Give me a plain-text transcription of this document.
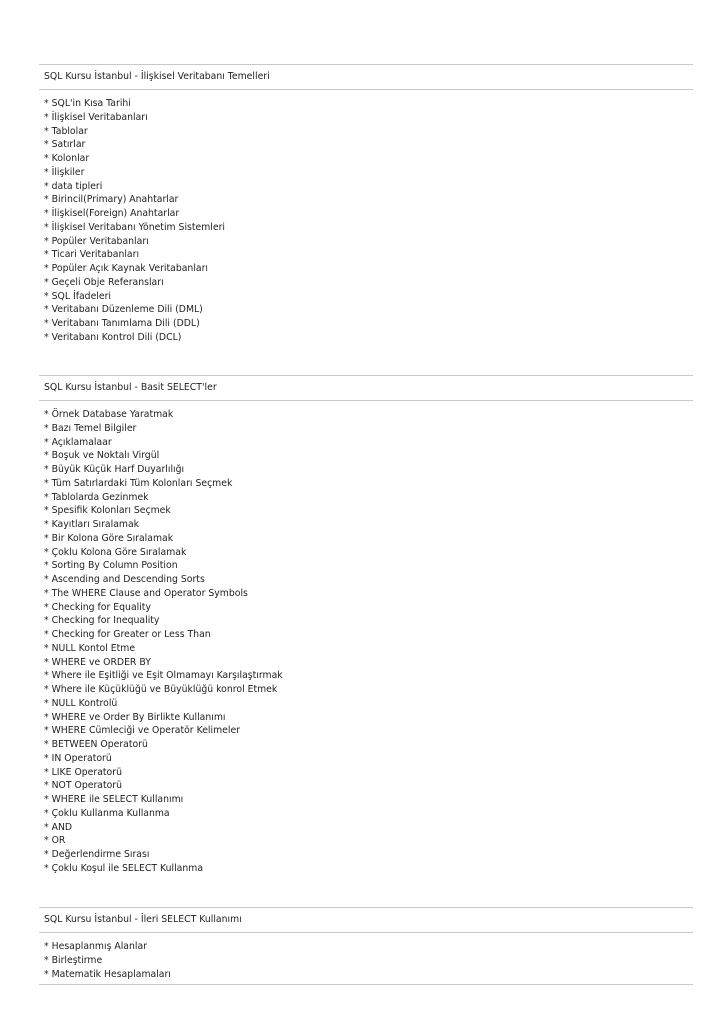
SQL Kursu İstanbul - İlişkisel Veritabanı Temelleri
* SQL'in Kısa Tarihi
* İlişkisel Veritabanları
* Tablolar
* Satırlar
* Kolonlar
* İlişkiler
* data tipleri
* Birincil(Primary) Anahtarlar
* İlişkisel(Foreign) Anahtarlar
* İlişkisel Veritabanı Yönetim Sistemleri
* Popüler Veritabanları
* Ticari Veritabanları
* Popüler Açık Kaynak Veritabanları
* Geçeli Obje Referansları
* SQL İfadeleri
* Veritabanı Düzenleme Dili (DML)
* Veritabanı Tanımlama Dili (DDL)
* Veritabanı Kontrol Dili (DCL)
SQL Kursu İstanbul - Basit SELECT'ler
* Örnek Database Yaratmak
* Bazı Temel Bilgiler
* Açıklamalaar
* Boşuk ve Noktalı Virgül
* Büyük Küçük Harf Duyarlılığı
* Tüm Satırlardaki Tüm Kolonları Seçmek
* Tablolarda Gezinmek
* Spesifik Kolonları Seçmek
* Kayıtları Sıralamak
* Bir Kolona Göre Sıralamak
* Çoklu Kolona Göre Sıralamak
* Sorting By Column Position
* Ascending and Descending Sorts
* The WHERE Clause and Operator Symbols
* Checking for Equality
* Checking for Inequality
* Checking for Greater or Less Than
* NULL Kontol Etme
* WHERE ve ORDER BY
* Where ile Eşitliği ve Eşit Olmamayı Karşılaştırmak
* Where ile Küçüklüğü ve Büyüklüğü konrol Etmek
* NULL Kontrolü
* WHERE ve Order By Birlikte Kullanımı
* WHERE Cümleciği ve Operatör Kelimeler
* BETWEEN Operatorü
* IN Operatorü
* LIKE Operatorü
* NOT Operatorü
* WHERE ile SELECT Kullanımı
* Çoklu Kullanma Kullanma
* AND
* OR
* Değerlendirme Sırası
* Çoklu Koşul ile SELECT Kullanma
SQL Kursu İstanbul - İleri SELECT Kullanımı
* Hesaplanmış Alanlar
* Birleştirme
* Matematik Hesaplamaları
